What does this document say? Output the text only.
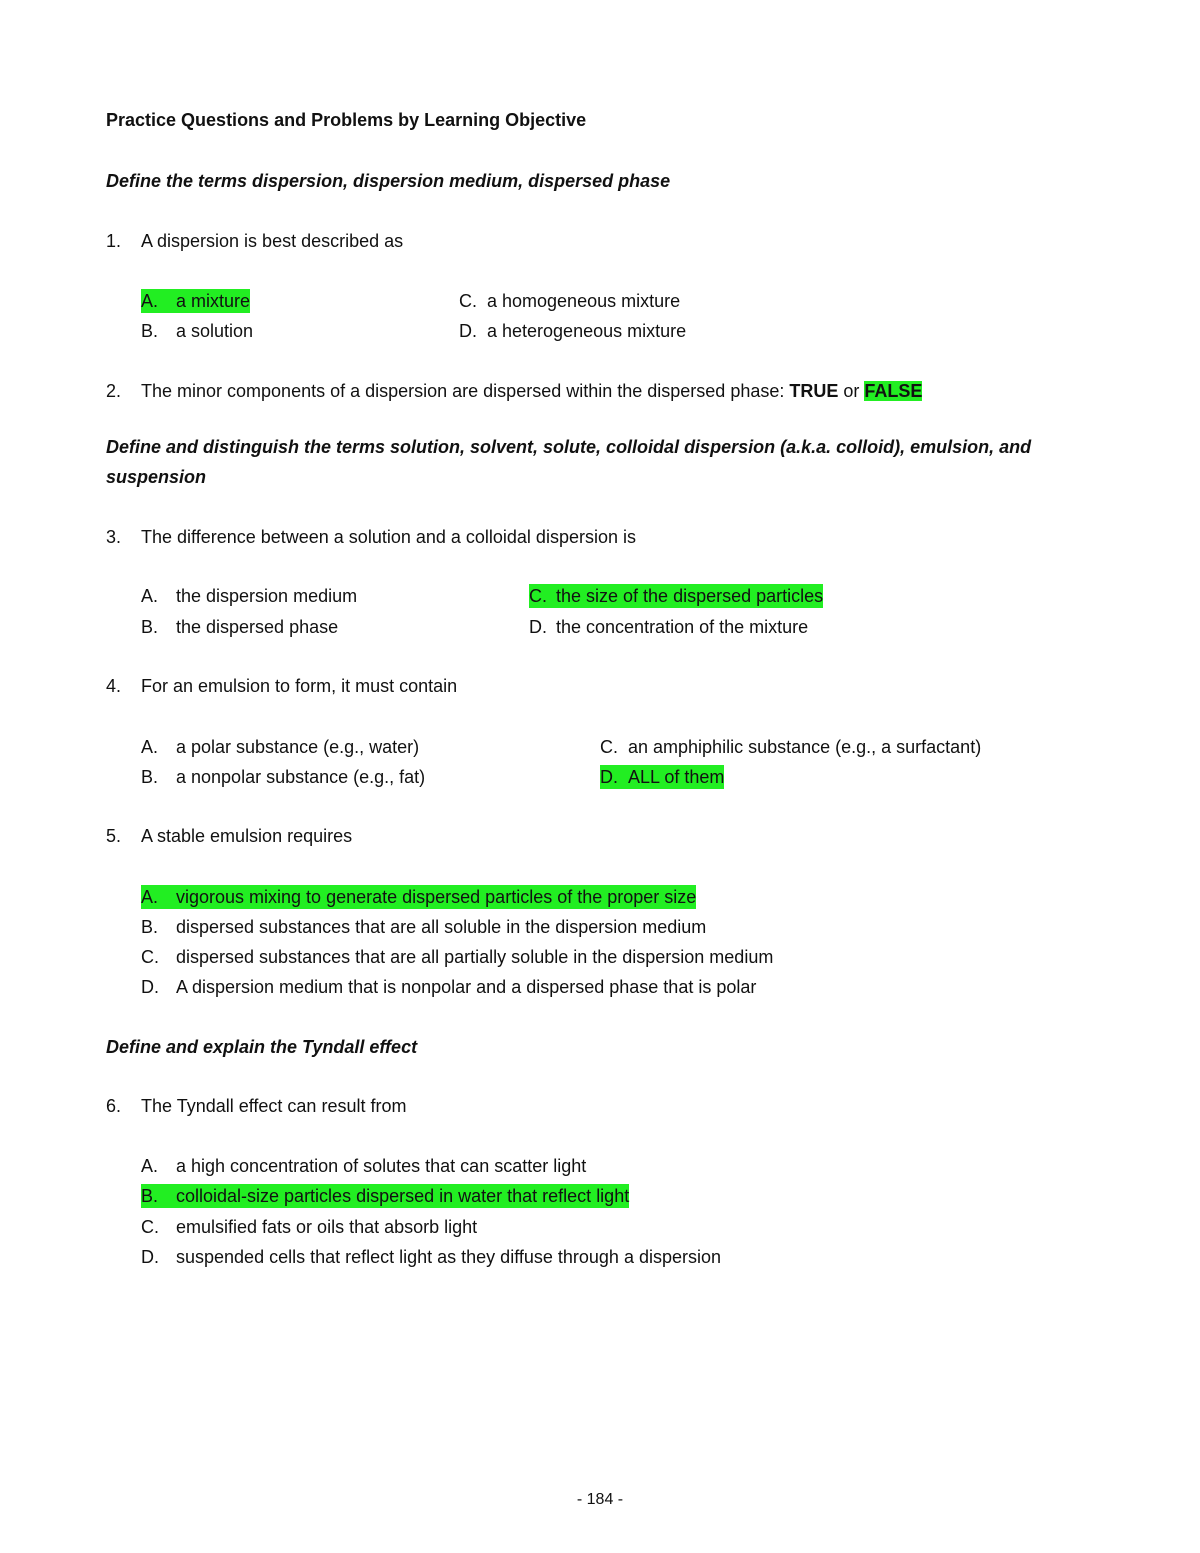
Practice Questions and Problems by Learning Objective
Define the terms dispersion, dispersion medium, dispersed phase
1. A dispersion is best described as
A. a mixture
B. a solution
C. a homogeneous mixture
D. a heterogeneous mixture
2. The minor components of a dispersion are dispersed within the dispersed phase: TRUE or FALSE
Define and distinguish the terms solution, solvent, solute, colloidal dispersion (a.k.a. colloid), emulsion, and suspension
3. The difference between a solution and a colloidal dispersion is
A. the dispersion medium
B. the dispersed phase
C. the size of the dispersed particles
D. the concentration of the mixture
4. For an emulsion to form, it must contain
A. a polar substance (e.g., water)
B. a nonpolar substance (e.g., fat)
C. an amphiphilic substance (e.g., a surfactant)
D. ALL of them
5. A stable emulsion requires
A. vigorous mixing to generate dispersed particles of the proper size
B. dispersed substances that are all soluble in the dispersion medium
C. dispersed substances that are all partially soluble in the dispersion medium
D. A dispersion medium that is nonpolar and a dispersed phase that is polar
Define and explain the Tyndall effect
6. The Tyndall effect can result from
A. a high concentration of solutes that can scatter light
B. colloidal-size particles dispersed in water that reflect light
C. emulsified fats or oils that absorb light
D. suspended cells that reflect light as they diffuse through a dispersion
- 184 -
